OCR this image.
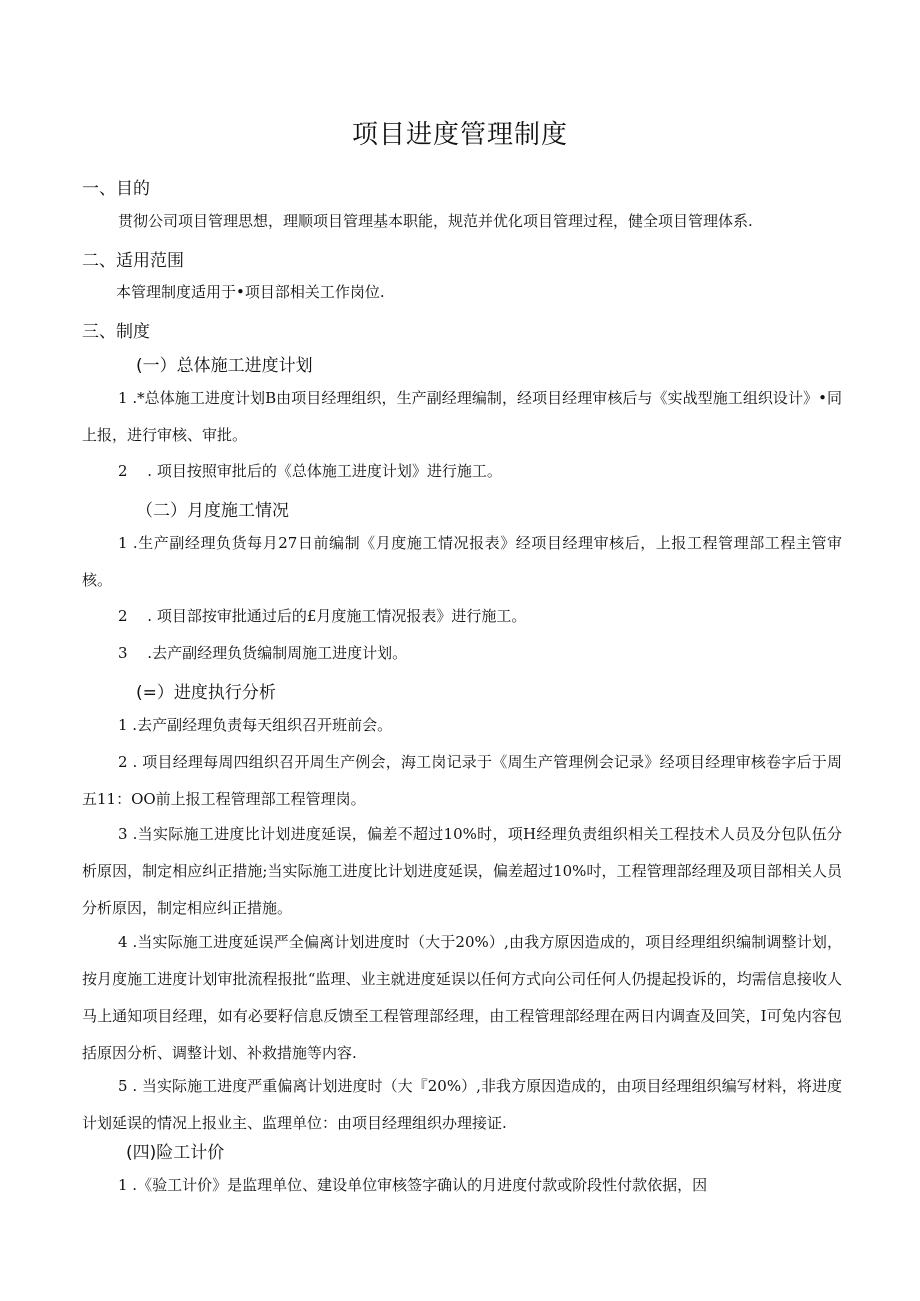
项目进度管理制度
一、目的

贯彻公司项目管理思想，理顺项目管理基本职能，规范并优化项目管理过程，健全项目管理体系.

二、适用范围

本管理制度适用于•项目部相关工作岗位.

三、制度
(一）总体施工进度计划

1 .*总体施工进度计划B由项目经理组织，生产副经理编制，经项目经理审核后与《实战型施工组织设计》•同上报，进行审核、审批。

2 　. 项目按照审批后的《总体施工进度计划》进行施工。

（二）月度施工情况

1 .生产副经理负货每月27日前编制《月度施工情况报表》经项目经理审核后，上报工程管理部工程主管审核。

2 　. 项目部按审批通过后的£月度施工情况报表》进行施工。

3 　.去产副经理负货编制周施工进度计划。

(=）进度执行分析

1 .去产副经理负责每天组织召开班前会。

2 . 项目经理每周四组织召开周生产例会，海工岗记录于《周生产管理例会记录》经项目经理审核卷字后于周五11：OO前上报工程管理部工程管理岗。

3 .当实际施工进度比计划进度延误，偏差不超过10%时，项H经理负责组织相关工程技术人员及分包队伍分析原因，制定相应纠正措施;当实际施工进度比计划进度延误，偏差超过10%吋，工程管理部经理及项目部相关人员分析原因，制定相应纠正措施。

4 .当实际施工进度延误严全偏离计划进度时（大于20%）,由我方原因造成的，项目经理组织编制调整计划，按月度施工进度计划审批流程报批“监理、业主就进度延误以任何方式向公司任何人仍提起投诉的，均需信息接收人马上通知项目经理，如有必要籽信息反馈至工程管理部经理，由工程管理部经理在两日内调查及回笑，I可兔内容包括原因分析、调整计划、补救措施等内容.

5 . 当实际施工进度严重偏离计划进度时（大『20%）,非我方原因造成的，由项目经理组织编写材料，将进度计划延误的情况上报业主、监理单位：由项目经理组织办理接证.

(四)险工计价

1 .《验工计价》是监理单位、建设单位审核签字确认的月进度付款或阶段性付款依据，因
